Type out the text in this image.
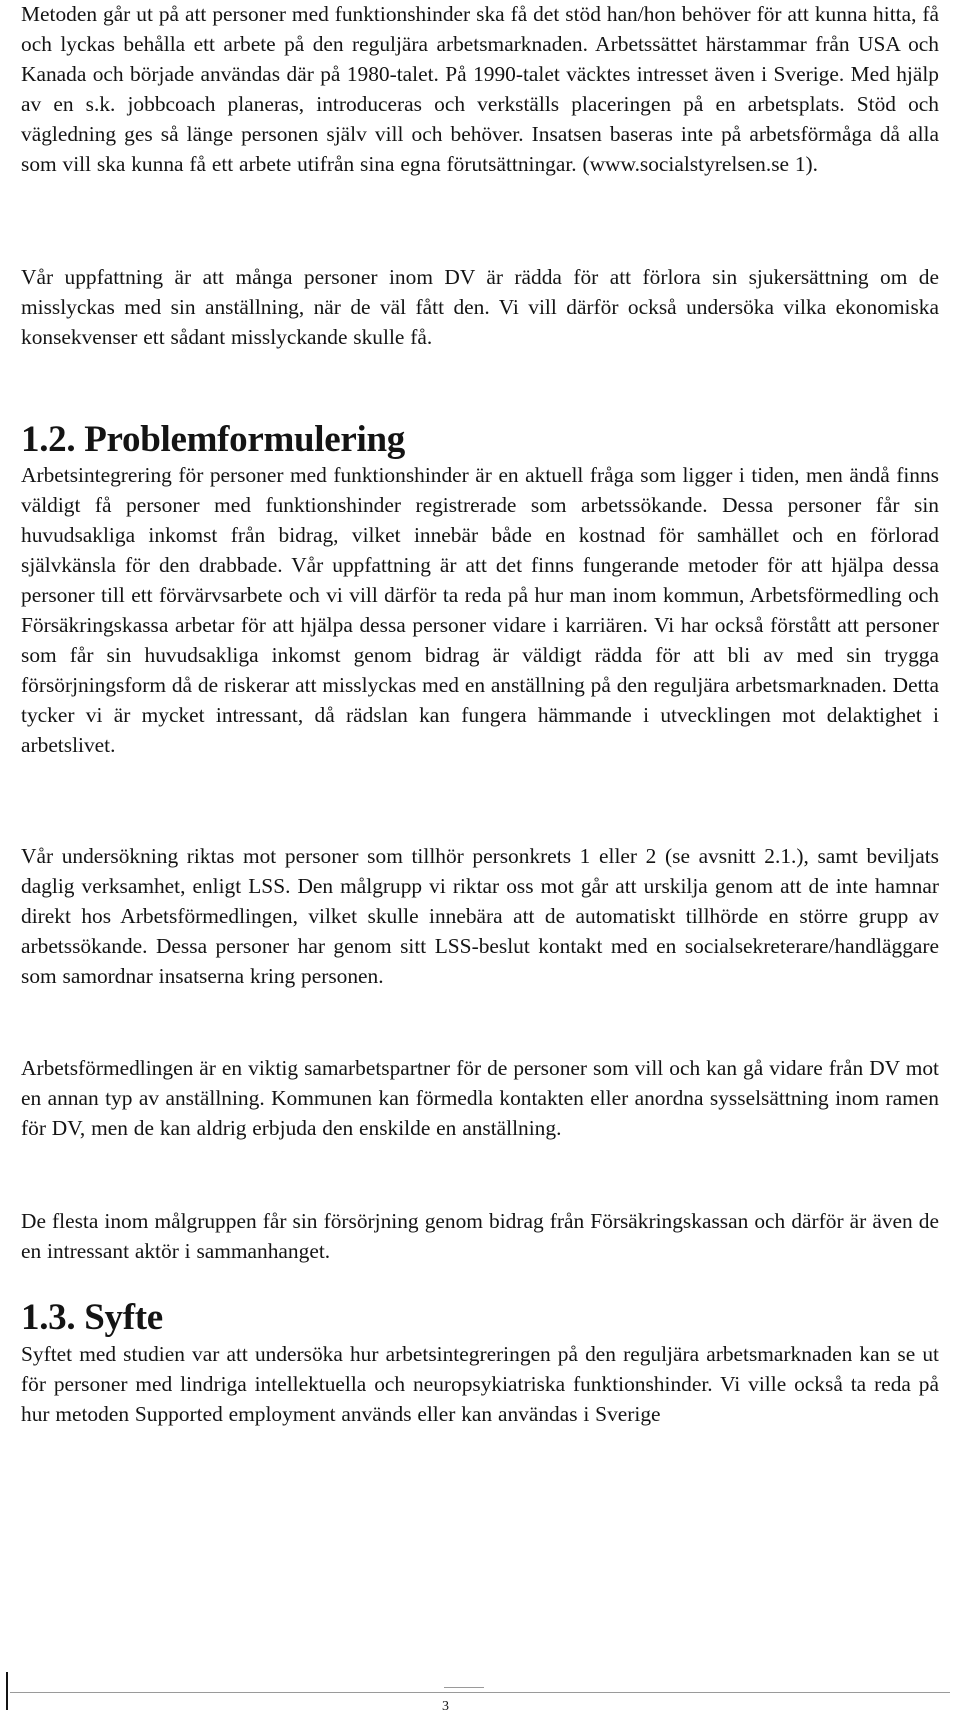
Metoden går ut på att personer med funktionshinder ska få det stöd han/hon behöver för att kunna hitta, få och lyckas behålla ett arbete på den reguljära arbetsmarknaden. Arbetssättet härstammar från USA och Kanada och började användas där på 1980-talet. På 1990-talet väcktes intresset även i Sverige. Med hjälp av en s.k. jobbcoach planeras, introduceras och verkställs placeringen på en arbetsplats. Stöd och vägledning ges så länge personen själv vill och behöver. Insatsen baseras inte på arbetsförmåga då alla som vill ska kunna få ett arbete utifrån sina egna förutsättningar. (www.socialstyrelsen.se 1).

Vår uppfattning är att många personer inom DV är rädda för att förlora sin sjukersättning om de misslyckas med sin anställning, när de väl fått den. Vi vill därför också undersöka vilka ekonomiska konsekvenser ett sådant misslyckande skulle få.

1.2. Problemformulering

Arbetsintegrering för personer med funktionshinder är en aktuell fråga som ligger i tiden, men ändå finns väldigt få personer med funktionshinder registrerade som arbetssökande. Dessa personer får sin huvudsakliga inkomst från bidrag, vilket innebär både en kostnad för samhället och en förlorad självkänsla för den drabbade. Vår uppfattning är att det finns fungerande metoder för att hjälpa dessa personer till ett förvärvsarbete och vi vill därför ta reda på hur man inom kommun, Arbetsförmedling och Försäkringskassa arbetar för att hjälpa dessa personer vidare i karriären. Vi har också förstått att personer som får sin huvudsakliga inkomst genom bidrag är väldigt rädda för att bli av med sin trygga försörjningsform då de riskerar att misslyckas med en anställning på den reguljära arbetsmarknaden. Detta tycker vi är mycket intressant, då rädslan kan fungera hämmande i utvecklingen mot delaktighet i arbetslivet.

Vår undersökning riktas mot personer som tillhör personkrets 1 eller 2 (se avsnitt 2.1.), samt beviljats daglig verksamhet, enligt LSS. Den målgrupp vi riktar oss mot går att urskilja genom att de inte hamnar direkt hos Arbetsförmedlingen, vilket skulle innebära att de automatiskt tillhörde en större grupp av arbetssökande. Dessa personer har genom sitt LSS-beslut kontakt med en socialsekreterare/handläggare som samordnar insatserna kring personen.

Arbetsförmedlingen är en viktig samarbetspartner för de personer som vill och kan gå vidare från DV mot en annan typ av anställning. Kommunen kan förmedla kontakten eller anordna sysselsättning inom ramen för DV, men de kan aldrig erbjuda den enskilde en anställning.

De flesta inom målgruppen får sin försörjning genom bidrag från Försäkringskassan och därför är även de en intressant aktör i sammanhanget.

1.3. Syfte

Syftet med studien var att undersöka hur arbetsintegreringen på den reguljära arbetsmarknaden kan se ut för personer med lindriga intellektuella och neuropsykiatriska funktionshinder. Vi ville också ta reda på hur metoden Supported employment används eller kan användas i Sverige

3
